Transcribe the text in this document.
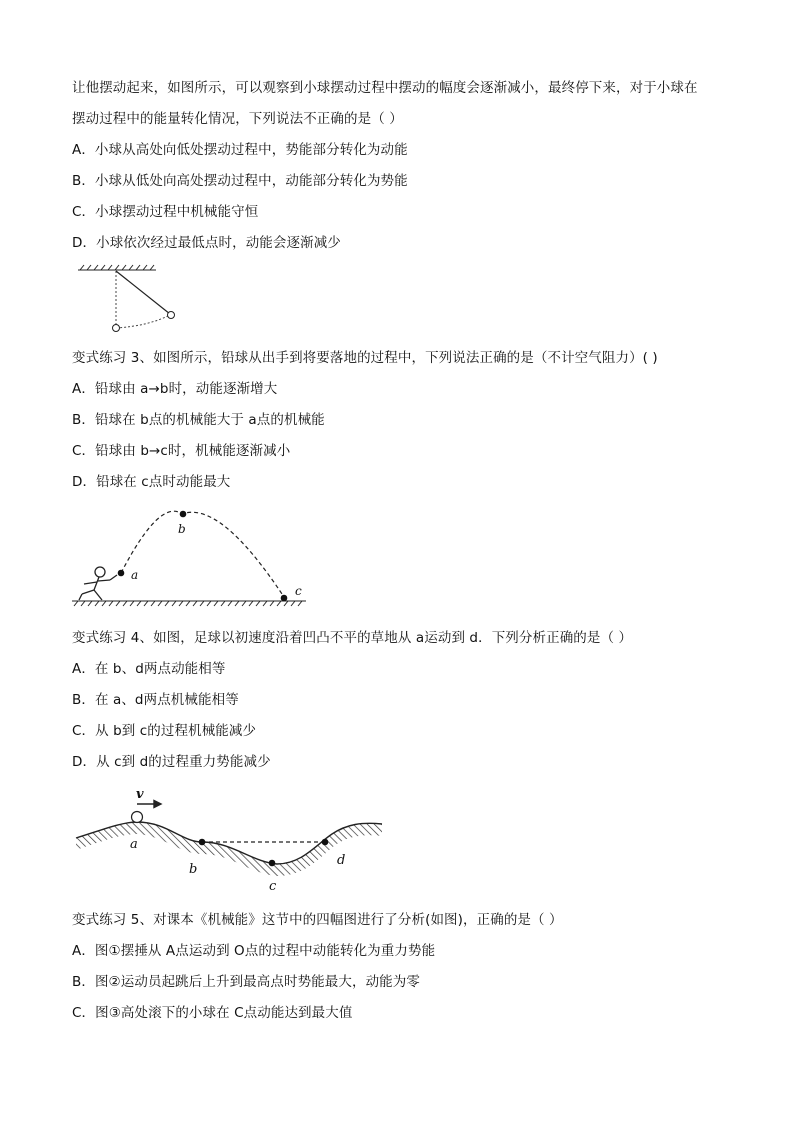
让他摆动起来，如图所示，可以观察到小球摆动过程中摆动的幅度会逐渐减小，最终停下来，对于小球在
摆动过程中的能量转化情况，下列说法不正确的是（ ）
A．小球从高处向低处摆动过程中，势能部分转化为动能
B．小球从低处向高处摆动过程中，动能部分转化为势能
C．小球摆动过程中机械能守恒
D．小球依次经过最低点时，动能会逐渐减少
变式练习 3、如图所示，铅球从出手到将要落地的过程中，下列说法正确的是（不计空气阻力）( )
A．铅球由 a→b时，动能逐渐增大
B．铅球在 b点的机械能大于 a点的机械能
C．铅球由 b→c时，机械能逐渐减小
D．铅球在 c点时动能最大
a
b
c
变式练习 4、如图，足球以初速度沿着凹凸不平的草地从 a运动到 d．下列分析正确的是（ ）
A．在 b、d两点动能相等
B．在 a、d两点机械能相等
C．从 b到 c的过程机械能减少
D．从 c到 d的过程重力势能减少
v
a
b
c
d
变式练习 5、对课本《机械能》这节中的四幅图进行了分析(如图)，正确的是（ ）
A．图①摆捶从 A点运动到 O点的过程中动能转化为重力势能
B．图②运动员起跳后上升到最高点时势能最大，动能为零
C．图③高处滚下的小球在 C点动能达到最大值
